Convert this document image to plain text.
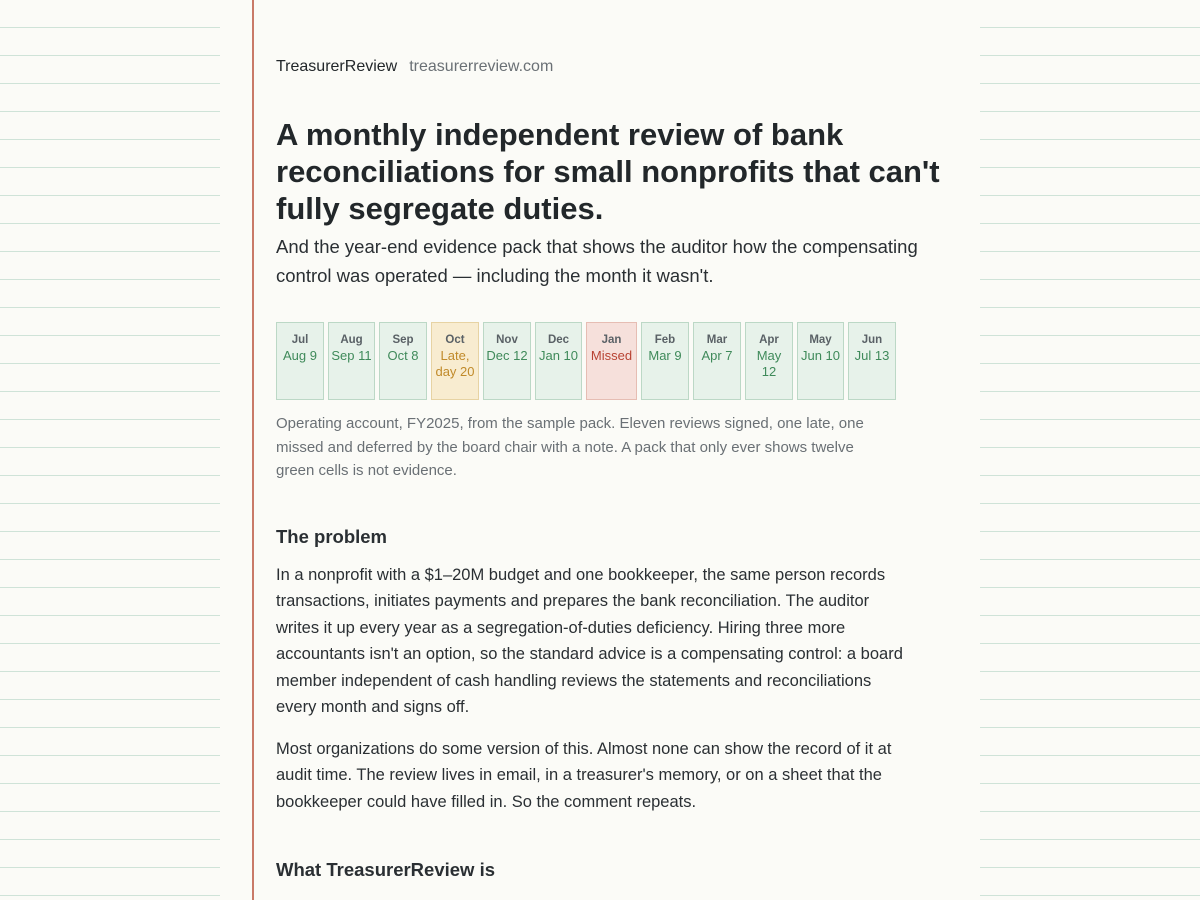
TreasurerReview treasurerreview.com
A monthly independent review of bank reconciliations for small nonprofits that can't fully segregate duties.

And the year-end evidence pack that shows the auditor how the compensating control was operated — including the month it wasn't.

Jul
Aug 9
Aug
Sep 11
Sep
Oct 8
Oct
Late, day 20
Nov
Dec 12
Dec
Jan 10
Jan
Missed
Feb
Mar 9
Mar
Apr 7
Apr
May 12
May
Jun 10
Jun
Jul 13

Operating account, FY2025, from the sample pack. Eleven reviews signed, one late, one missed and deferred by the board chair with a note. A pack that only ever shows twelve green cells is not evidence.

The problem

In a nonprofit with a $1–20M budget and one bookkeeper, the same person records transactions, initiates payments and prepares the bank reconciliation. The auditor writes it up every year as a segregation-of-duties deficiency. Hiring three more accountants isn't an option, so the standard advice is a compensating control: a board member independent of cash handling reviews the statements and reconciliations every month and signs off.

Most organizations do some version of this. Almost none can show the record of it at audit time. The review lives in email, in a treasurer's memory, or on a sheet that the bookkeeper could have filled in. So the comment repeats.

What TreasurerReview is
